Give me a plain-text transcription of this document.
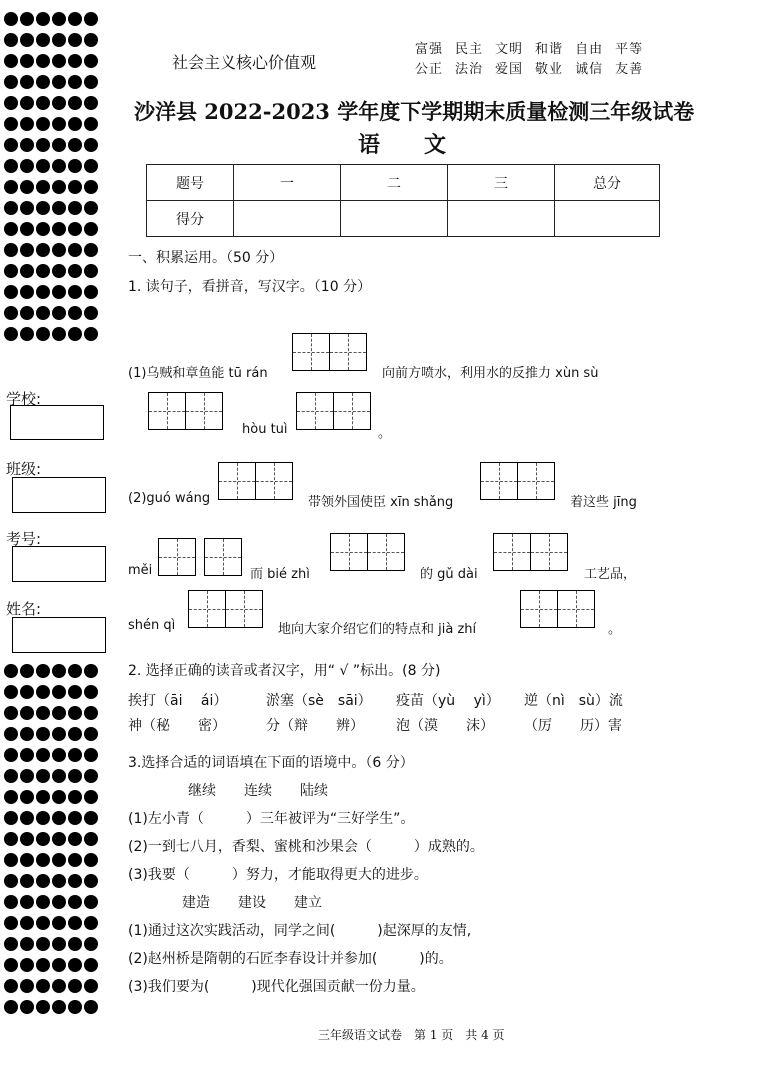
社会主义核心价值观
富强 民主 文明 和谐 自由 平等
公正 法治 爱国 敬业 诚信 友善
沙洋县 2022-2023 学年度下学期期末质量检测三年级试卷
语　　文
题号	一	二	三	总分
得分				
学校:
班级:
考号:
姓名:
一、积累运用。（50 分）
1. 读句子，看拼音，写汉字。（10 分）
(1)乌贼和章鱼能 tū rán	向前方喷水，利用水的反推力 xùn sù
hòu tuì	。
(2)guó wáng	带领外国使臣 xīn shǎng	着这些 jīng
měi	而 bié zhì	的 gǔ dài	工艺品，
shén qì	地向大家介绍它们的特点和 jià zhí	。
2. 选择正确的读音或者汉字，用“ √ ”标出。(8 分)
挨打（āi　 ái）	淤塞（sè　sāi） 疫苗（yù　 yì） 逆（nì　sù）流
神（秘　　密）	分（辩　　辨） 泡（漠　　沫） （厉　　历）害
3.选择合适的词语填在下面的语境中。（6 分）
继续　　连续　　陆续
(1)左小青（　　　）三年被评为“三好学生”。
(2)一到七八月，香梨、蜜桃和沙果会（　　　）成熟的。
(3)我要（　　　）努力，才能取得更大的进步。
建造　　建设　　建立
(1)通过这次实践活动，同学之间(　　　)起深厚的友情,
(2)赵州桥是隋朝的石匠李春设计并参加(　　　)的。
(3)我们要为(　　　)现代化强国贡献一份力量。
三年级语文试卷　第 1 页　共 4 页
